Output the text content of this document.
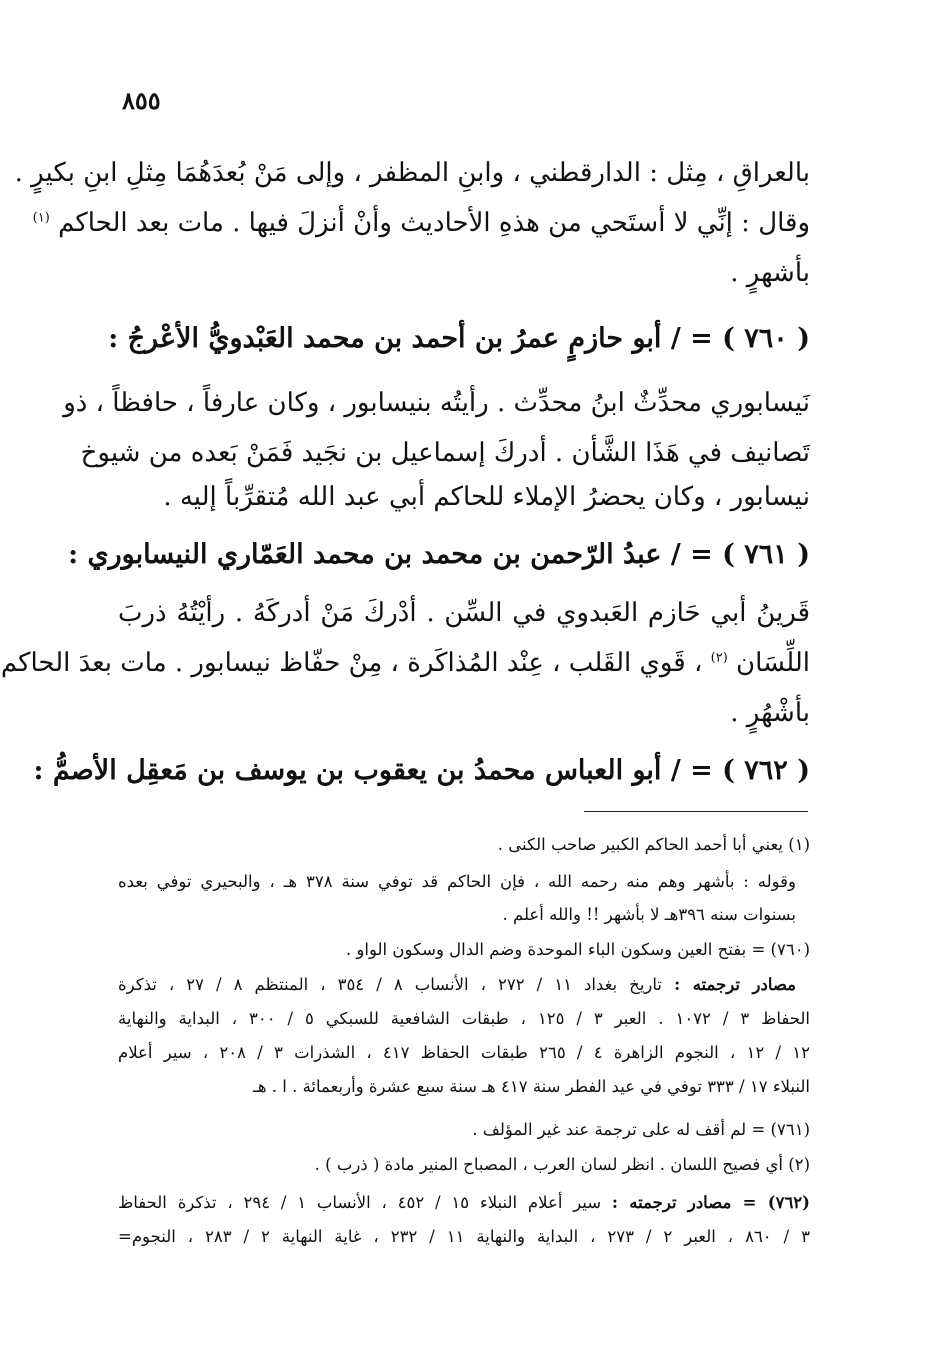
٨٥٥
بالعراقِ ، مِثل : الدارقطني ، وابنِ المظفر ، وإلى مَنْ بُعدَهُمَا مِثلِ ابنِ بكيرٍ .
وقال : إنِّي لا أستَحي من هذهِ الأحاديث وأنْ أنزلَ فيها . مات بعد الحاكم $^{(١)}$
بأشهرٍ .
( ٧٦٠ ) = / أبو حازمٍ عمرُ بن أحمد بن محمد العَبْدويُّ الأعْرجُ :
نَيسابوري محدِّثٌ ابنُ محدِّث . رأيتُه بنيسابور ، وكان عارفاً ، حافظاً ، ذو
تَصانيف في هَذَا الشَّأن . أدركَ إسماعيل بن نجَيد فَمَنْ بَعده من شيوخ
نيسابور ، وكان يحضرُ الإملاء للحاكم أبي عبد الله مُتقرِّباً إليه .
( ٧٦١ ) = / عبدُ الرّحمن بن محمد بن محمد العَمّاري النيسابوري :
قَرينُ أبي حَازم العَبدوي في السِّن . أدْركَ مَنْ أدركَهُ . رأيْتُهُ ذربَ
اللِّسَان $^{(٢)}$ ، قَوي القَلب ، عِنْد المُذاكَرة ، مِنْ حفّاظ نيسابور . مات بعدَ الحاكم
بأشْهُرٍ .
( ٧٦٢ ) = / أبو العباس محمدُ بن يعقوب بن يوسف بن مَعقِل الأصمُّ :
(١) يعني أبا أحمد الحاكم الكبير صاحب الكنى .
وقوله : بأشهر وهم منه رحمه الله ، فإن الحاكم قد توفي سنة ٣٧٨ هـ ، والبحيري توفي بعده
بسنوات سنه ٣٩٦هـ لا بأشهر !! والله أعلم .
(٧٦٠) = بفتح العين وسكون الباء الموحدة وضم الدال وسكون الواو .
مصادر ترجمته : تاريخ بغداد ١١ / ٢٧٢ ، الأنساب ٨ / ٣٥٤ ، المنتظم ٨ / ٢٧ ، تذكرة
الحفاظ ٣ / ١٠٧٢ . العبر ٣ / ١٢٥ ، طبقات الشافعية للسبكي ٥ / ٣٠٠ ، البداية والنهاية
١٢ / ١٢ ، النجوم الزاهرة ٤ / ٢٦٥ طبقات الحفاظ ٤١٧ ، الشذرات ٣ / ٢٠٨ ، سير أعلام
النبلاء ١٧ / ٣٣٣ توفي في عيد الفطر سنة ٤١٧ هـ سنة سبع عشرة وأربعمائة . ا . هـ
(٧٦١) = لم أقف له على ترجمة عند غير المؤلف .
(٢) أي فصيح اللسان . انظر لسان العرب ، المصباح المنير مادة ( ذرب ) .
(٧٦٢) = مصادر ترجمته : سير أعلام النبلاء ١٥ / ٤٥٢ ، الأنساب ١ / ٢٩٤ ، تذكرة الحفاظ
٣ / ٨٦٠ ، العبر ٢ / ٢٧٣ ، البداية والنهاية ١١ / ٢٣٢ ، غاية النهاية ٢ / ٢٨٣ ، النجوم=
